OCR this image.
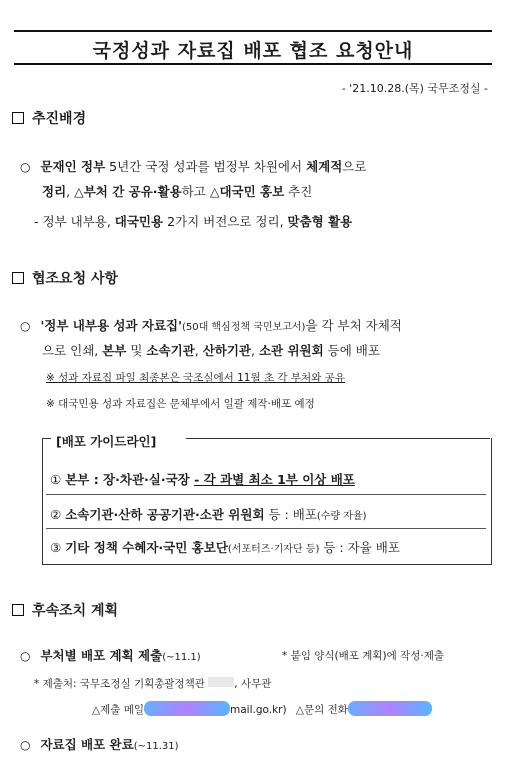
국정성과 자료집 배포 협조 요청안내
- '21.10.28.(목) 국무조정실 -
추진배경
○ 문재인 정부 5년간 국정 성과를 범정부 차원에서 체계적으로
정리, △부처 간 공유·활용하고 △대국민 홍보 추진
- 정부 내부용, 대국민용 2가지 버전으로 정리, 맞춤형 활용
협조요청 사항
○ '정부 내부용 성과 자료집'(50대 핵심정책 국민보고서)을 각 부처 자체적
으로 인쇄, 본부 및 소속기관, 산하기관, 소관 위원회 등에 배포
※ 성과 자료집 파일 최종본은 국조실에서 11월 초 각 부처와 공유
※ 대국민용 성과 자료집은 문체부에서 일괄 제작·배포 예정
[배포 가이드라인]
① 본부 : 장·차관·실·국장 - 각 과별 최소 1부 이상 배포
② 소속기관·산하 공공기관·소관 위원회 등 : 배포(수량 자율)
③ 기타 정책 수혜자·국민 홍보단(서포터즈·기자단 등) 등 : 자율 배포
후속조치 계획
○ 부처별 배포 계획 제출(~11.1)	* 붙임 양식(배포 계획)에 작성·제출
* 제출처: 국무조정실 기획총괄정책관 , 사무관
△제출 메일	mail.go.kr) △문의 전화
○ 자료집 배포 완료(~11.31)
